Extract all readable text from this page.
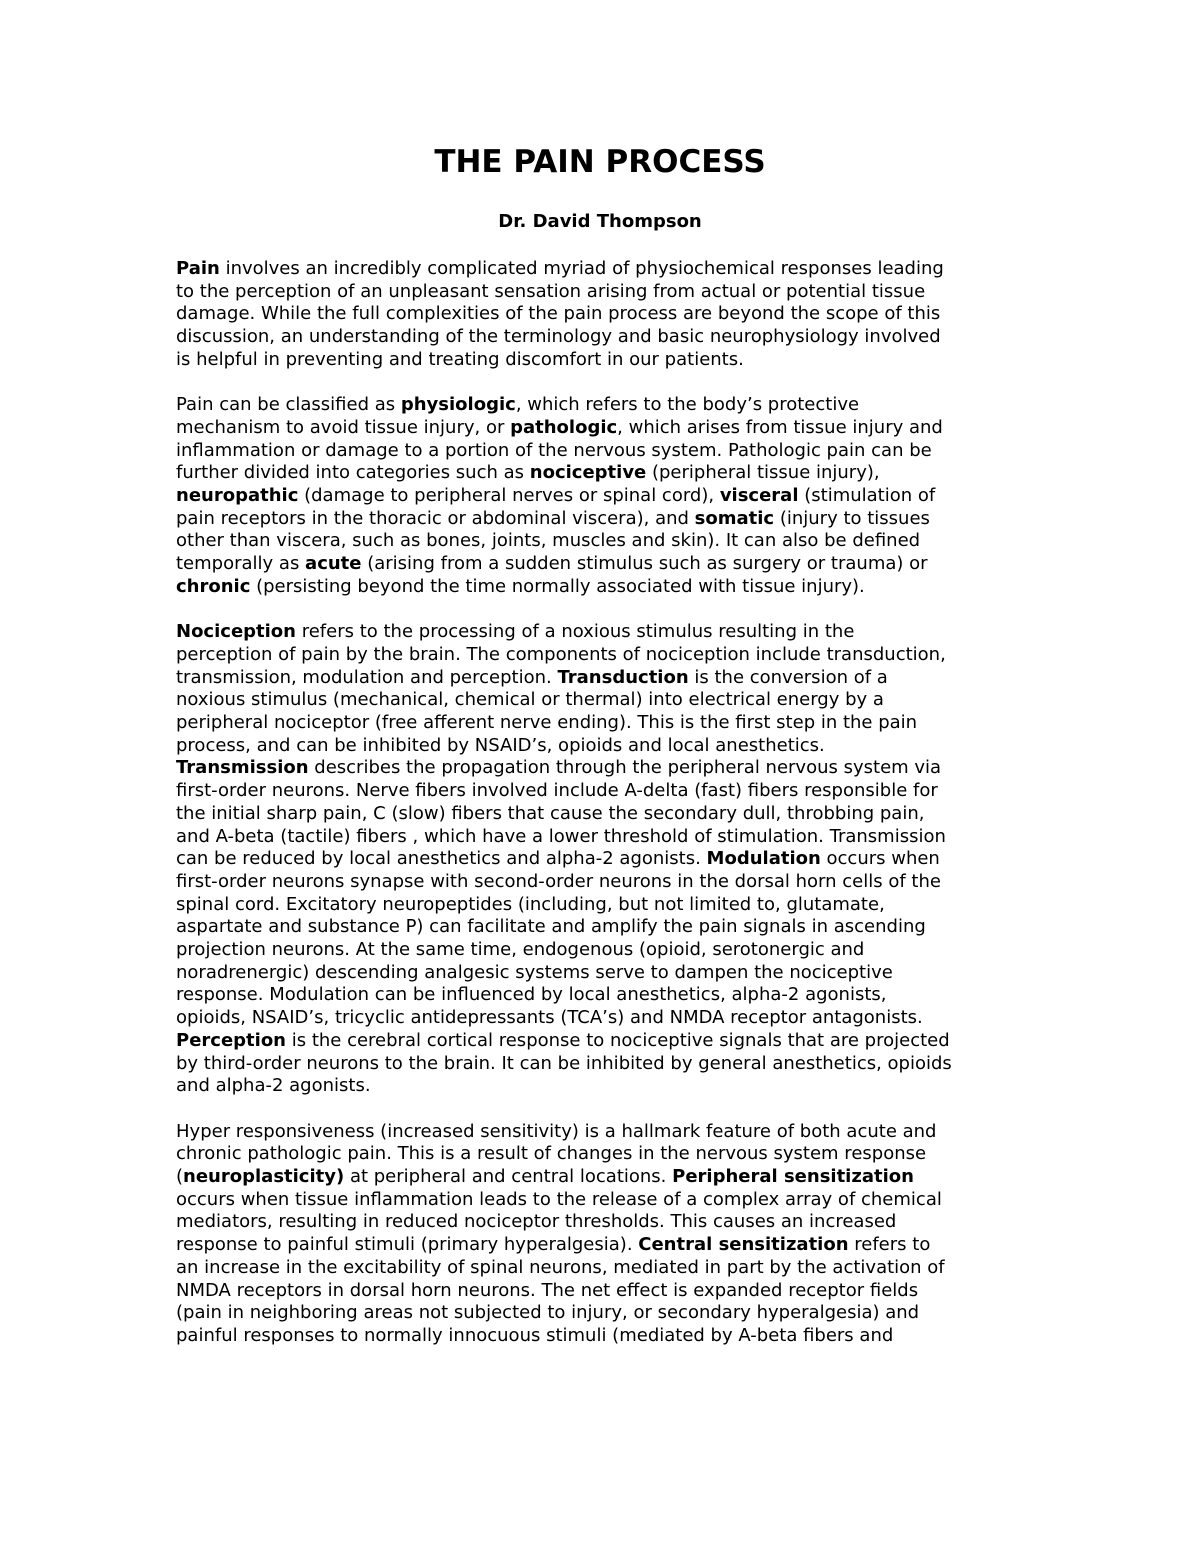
THE PAIN PROCESS
Dr. David Thompson

Pain involves an incredibly complicated myriad of physiochemical responses leading
to the perception of an unpleasant sensation arising from actual or potential tissue
damage. While the full complexities of the pain process are beyond the scope of this
discussion, an understanding of the terminology and basic neurophysiology involved
is helpful in preventing and treating discomfort in our patients.

Pain can be classified as physiologic, which refers to the body’s protective
mechanism to avoid tissue injury, or pathologic, which arises from tissue injury and
inflammation or damage to a portion of the nervous system. Pathologic pain can be
further divided into categories such as nociceptive (peripheral tissue injury),
neuropathic (damage to peripheral nerves or spinal cord), visceral (stimulation of
pain receptors in the thoracic or abdominal viscera), and somatic (injury to tissues
other than viscera, such as bones, joints, muscles and skin). It can also be defined
temporally as acute (arising from a sudden stimulus such as surgery or trauma) or
chronic (persisting beyond the time normally associated with tissue injury).

Nociception refers to the processing of a noxious stimulus resulting in the
perception of pain by the brain. The components of nociception include transduction,
transmission, modulation and perception. Transduction is the conversion of a
noxious stimulus (mechanical, chemical or thermal) into electrical energy by a
peripheral nociceptor (free afferent nerve ending). This is the first step in the pain
process, and can be inhibited by NSAID’s, opioids and local anesthetics.
Transmission describes the propagation through the peripheral nervous system via
first-order neurons. Nerve fibers involved include A-delta (fast) fibers responsible for
the initial sharp pain, C (slow) fibers that cause the secondary dull, throbbing pain,
and A-beta (tactile) fibers , which have a lower threshold of stimulation. Transmission
can be reduced by local anesthetics and alpha-2 agonists. Modulation occurs when
first-order neurons synapse with second-order neurons in the dorsal horn cells of the
spinal cord. Excitatory neuropeptides (including, but not limited to, glutamate,
aspartate and substance P) can facilitate and amplify the pain signals in ascending
projection neurons. At the same time, endogenous (opioid, serotonergic and
noradrenergic) descending analgesic systems serve to dampen the nociceptive
response. Modulation can be influenced by local anesthetics, alpha-2 agonists,
opioids, NSAID’s, tricyclic antidepressants (TCA’s) and NMDA receptor antagonists.
Perception is the cerebral cortical response to nociceptive signals that are projected
by third-order neurons to the brain. It can be inhibited by general anesthetics, opioids
and alpha-2 agonists.

Hyper responsiveness (increased sensitivity) is a hallmark feature of both acute and
chronic pathologic pain. This is a result of changes in the nervous system response
(neuroplasticity) at peripheral and central locations. Peripheral sensitization
occurs when tissue inflammation leads to the release of a complex array of chemical
mediators, resulting in reduced nociceptor thresholds. This causes an increased
response to painful stimuli (primary hyperalgesia). Central sensitization refers to
an increase in the excitability of spinal neurons, mediated in part by the activation of
NMDA receptors in dorsal horn neurons. The net effect is expanded receptor fields
(pain in neighboring areas not subjected to injury, or secondary hyperalgesia) and
painful responses to normally innocuous stimuli (mediated by A-beta fibers and
